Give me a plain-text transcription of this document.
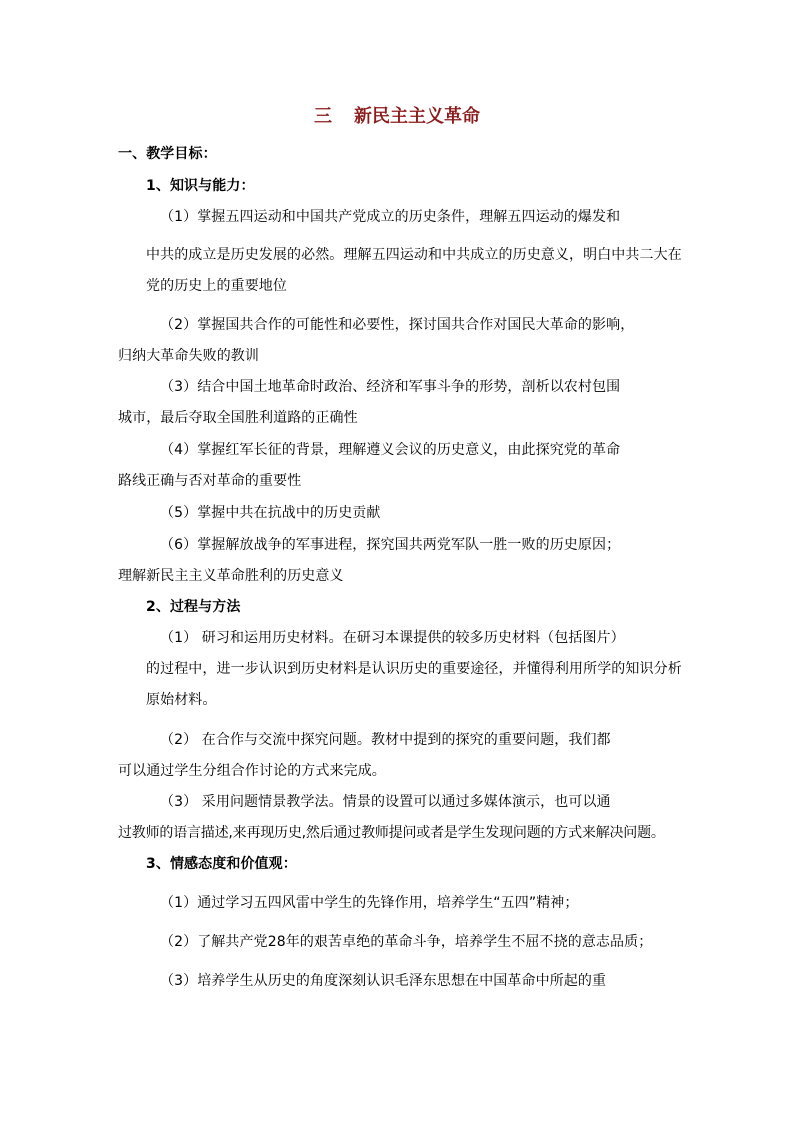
三 新民主主义革命
一、教学目标：
1、知识与能力：
（1）掌握五四运动和中国共产党成立的历史条件，理解五四运动的爆发和
中共的成立是历史发展的必然。理解五四运动和中共成立的历史意义，明白中共二大在
党的历史上的重要地位
（2）掌握国共合作的可能性和必要性，探讨国共合作对国民大革命的影响，
归纳大革命失败的教训
（3）结合中国土地革命时政治、经济和军事斗争的形势，剖析以农村包围
城市，最后夺取全国胜利道路的正确性
（4）掌握红军长征的背景，理解遵义会议的历史意义，由此探究党的革命
路线正确与否对革命的重要性
（5）掌握中共在抗战中的历史贡献
（6）掌握解放战争的军事进程，探究国共两党军队一胜一败的历史原因；
理解新民主主义革命胜利的历史意义
2、过程与方法
（1） 研习和运用历史材料。在研习本课提供的较多历史材料（包括图片）
的过程中，进一步认识到历史材料是认识历史的重要途径，并懂得利用所学的知识分析
原始材料。
（2） 在合作与交流中探究问题。教材中提到的探究的重要问题，我们都
可以通过学生分组合作讨论的方式来完成。
（3） 采用问题情景教学法。情景的设置可以通过多媒体演示，也可以通
过教师的语言描述,来再现历史,然后通过教师提问或者是学生发现问题的方式来解决问题。
3、情感态度和价值观：
（1）通过学习五四风雷中学生的先锋作用，培养学生“五四”精神；
（2）了解共产党28年的艰苦卓绝的革命斗争，培养学生不屈不挠的意志品质；
（3）培养学生从历史的角度深刻认识毛泽东思想在中国革命中所起的重
